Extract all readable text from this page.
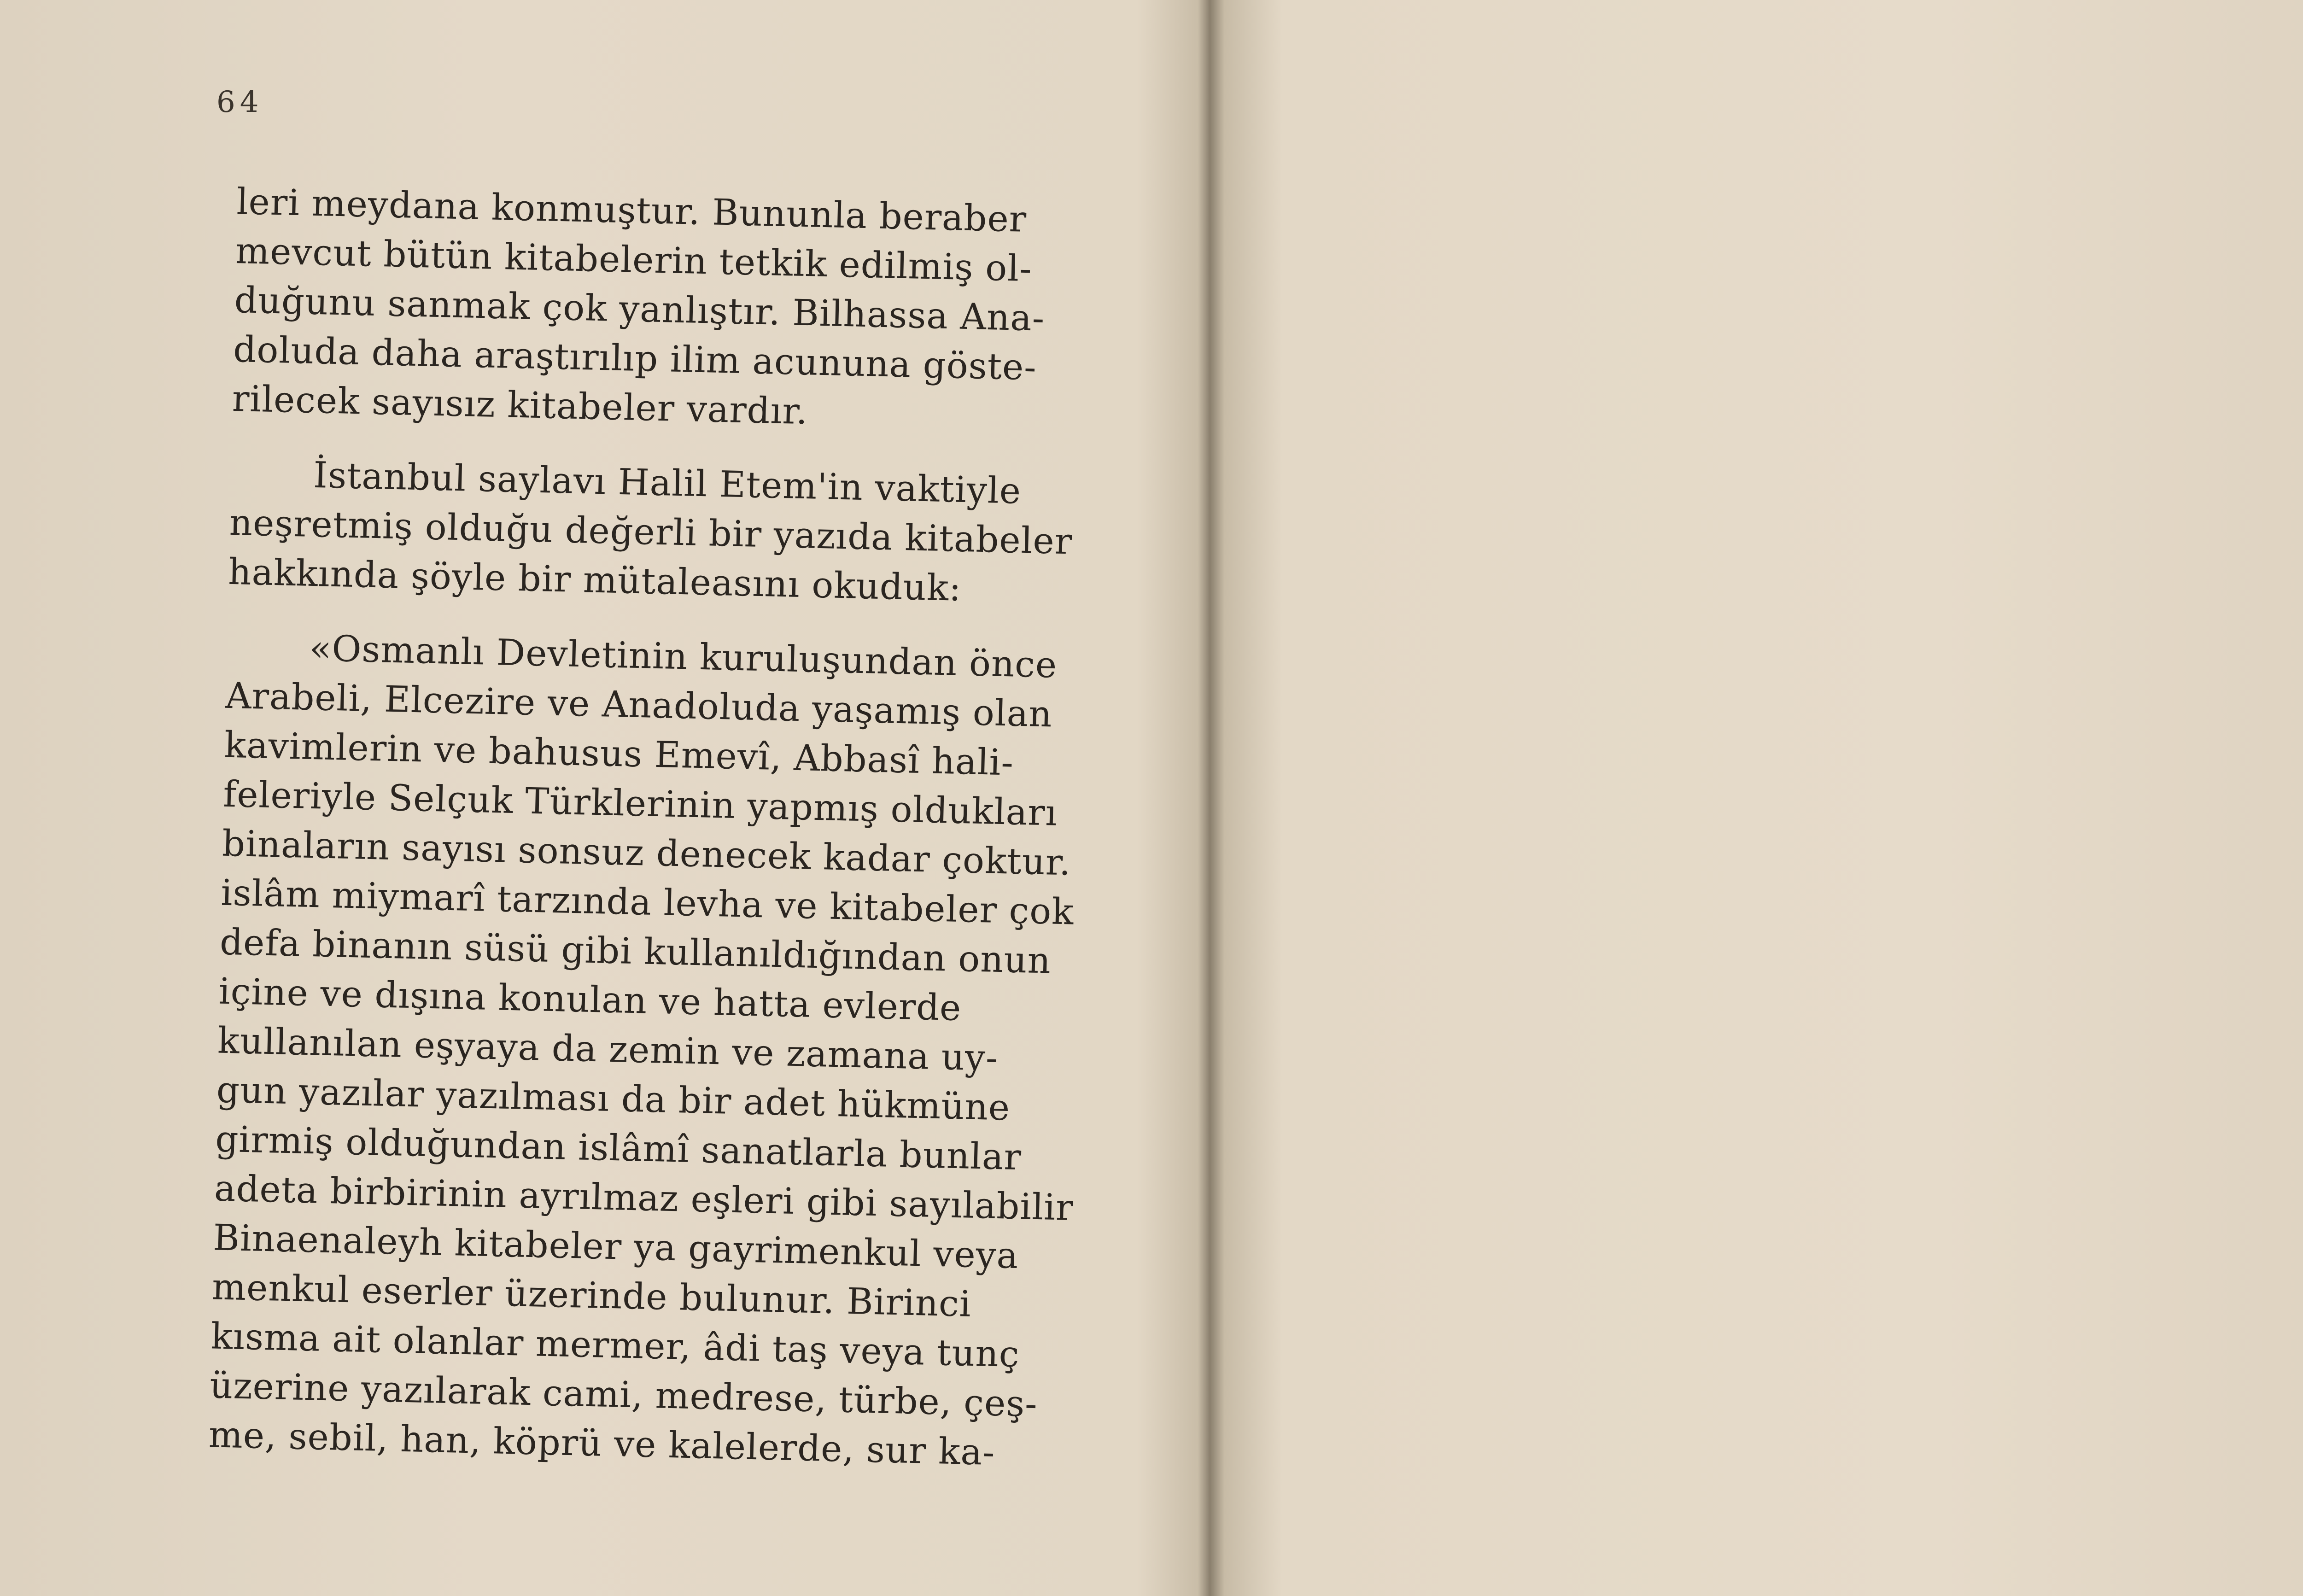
64
leri meydana konmuştur. Bununla beraber
mevcut bütün kitabelerin tetkik edilmiş ol-
duğunu sanmak çok yanlıştır. Bilhassa Ana-
doluda daha araştırılıp ilim acununa göste-
rilecek sayısız kitabeler vardır.
İstanbul saylavı Halil Etem'in vaktiyle
neşretmiş olduğu değerli bir yazıda kitabeler
hakkında şöyle bir mütaleasını okuduk:
«Osmanlı Devletinin kuruluşundan önce
Arabeli, Elcezire ve Anadoluda yaşamış olan
kavimlerin ve bahusus Emevî, Abbasî hali-
feleriyle Selçuk Türklerinin yapmış oldukları
binaların sayısı sonsuz denecek kadar çoktur.
islâm miymarî tarzında levha ve kitabeler çok
defa binanın süsü gibi kullanıldığından onun
içine ve dışına konulan ve hatta evlerde
kullanılan eşyaya da zemin ve zamana uy-
gun yazılar yazılması da bir adet hükmüne
girmiş olduğundan islâmî sanatlarla bunlar
adeta birbirinin ayrılmaz eşleri gibi sayılabilir
Binaenaleyh kitabeler ya gayrimenkul veya
menkul eserler üzerinde bulunur. Birinci
kısma ait olanlar mermer, âdi taş veya tunç
üzerine yazılarak cami, medrese, türbe, çeş-
me, sebil, han, köprü ve kalelerde, sur ka-
